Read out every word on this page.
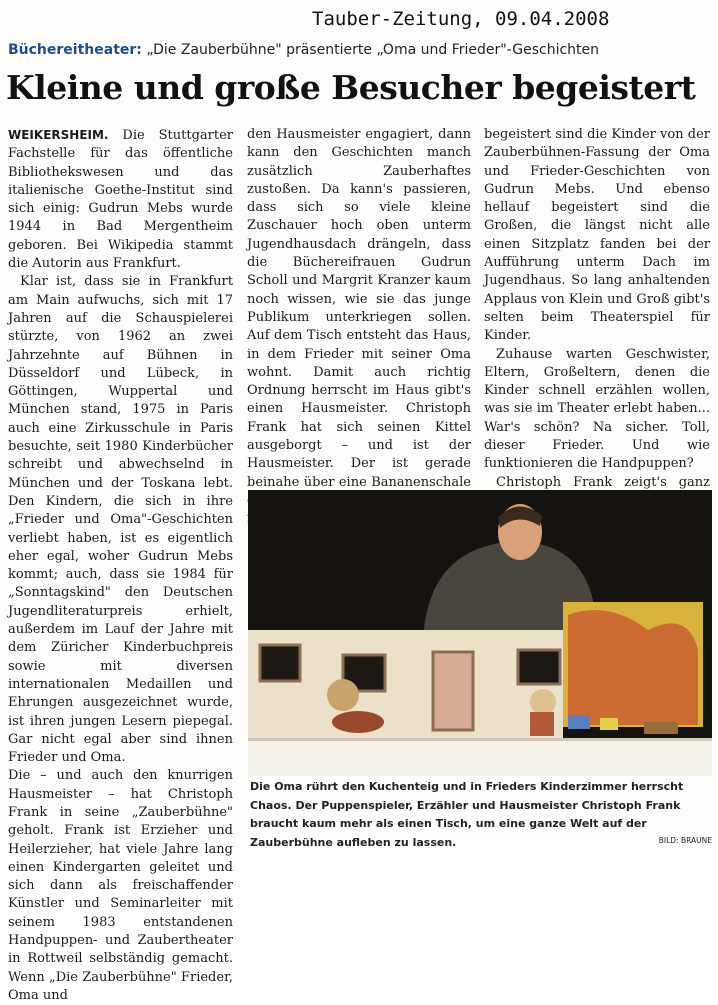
Tauber-Zeitung, 09.04.2008
Büchereitheater: „Die Zauberbühne" präsentierte „Oma und Frieder"-Geschichten
Kleine und große Besucher begeistert

WEIKERSHEIM. Die Stuttgarter Fachstelle für das öffentliche Bibliothekswesen und das italienische Goethe-Institut sind sich einig: Gudrun Mebs wurde 1944 in Bad Mergentheim geboren. Bei Wikipedia stammt die Autorin aus Frankfurt.

Klar ist, dass sie in Frankfurt am Main aufwuchs, sich mit 17 Jahren auf die Schauspielerei stürzte, von 1962 an zwei Jahrzehnte auf Bühnen in Düsseldorf und Lübeck, in Göttingen, Wuppertal und München stand, 1975 in Paris auch eine Zirkusschule in Paris besuchte, seit 1980 Kinderbücher schreibt und abwechselnd in München und der Toskana lebt. Den Kindern, die sich in ihre „Frieder und Oma"-Geschichten verliebt haben, ist es eigentlich eher egal, woher Gudrun Mebs kommt; auch, dass sie 1984 für „Sonntagskind" den Deutschen Jugendliteraturpreis erhielt, außerdem im Lauf der Jahre mit dem Züricher Kinderbuchpreis sowie mit diversen internationalen Medaillen und Ehrungen ausgezeichnet wurde, ist ihren jungen Lesern piepegal. Gar nicht egal aber sind ihnen Frieder und Oma.

Die – und auch den knurrigen Hausmeister – hat Christoph Frank in seine „Zauberbühne" geholt. Frank ist Erzieher und Heilerzieher, hat viele Jahre lang einen Kindergarten geleitet und sich dann als freischaffender Künstler und Seminarleiter mit seinem 1983 entstandenen Handpuppen- und Zaubertheater in Rottweil selbständig gemacht. Wenn „Die Zauberbühne" Frieder, Oma und

den Hausmeister engagiert, dann kann den Geschichten manch zusätzlich Zauberhaftes zustoßen. Da kann's passieren, dass sich so viele kleine Zuschauer hoch oben unterm Jugendhausdach drängeln, dass die Büchereifrauen Gudrun Scholl und Margrit Kranzer kaum noch wissen, wie sie das junge Publikum unterkriegen sollen. Auf dem Tisch entsteht das Haus, in dem Frieder mit seiner Oma wohnt. Damit auch richtig Ordnung herrscht im Haus gibt's einen Hausmeister. Christoph Frank hat sich seinen Kittel ausgeborgt – und ist der Hausmeister. Der ist gerade beinahe über eine Bananenschale

begeistert sind die Kinder von der Zauberbühnen-Fassung der Oma und Frieder-Geschichten von Gudrun Mebs. Und ebenso hellauf begeistert sind die Großen, die längst nicht alle einen Sitzplatz fanden bei der Aufführung unterm Dach im Jugendhaus. So lang anhaltenden Applaus von Klein und Groß gibt's selten beim Theaterspiel für Kinder.

Zuhause warten Geschwister, Eltern, Großeltern, denen die Kinder schnell erzählen wollen, was sie im Theater erlebt haben... War's schön? Na sicher. Toll, dieser Frieder. Und wie funktionieren die Handpuppen?

Christoph Frank zeigt's ganz

Die Oma rührt den Kuchenteig und in Frieders Kinderzimmer herrscht Chaos. Der Puppenspieler, Erzähler und Hausmeister Christoph Frank braucht kaum mehr als einen Tisch, um eine ganze Welt auf der Zauberbühne aufleben zu lassen.	BILD: BRAUNE
